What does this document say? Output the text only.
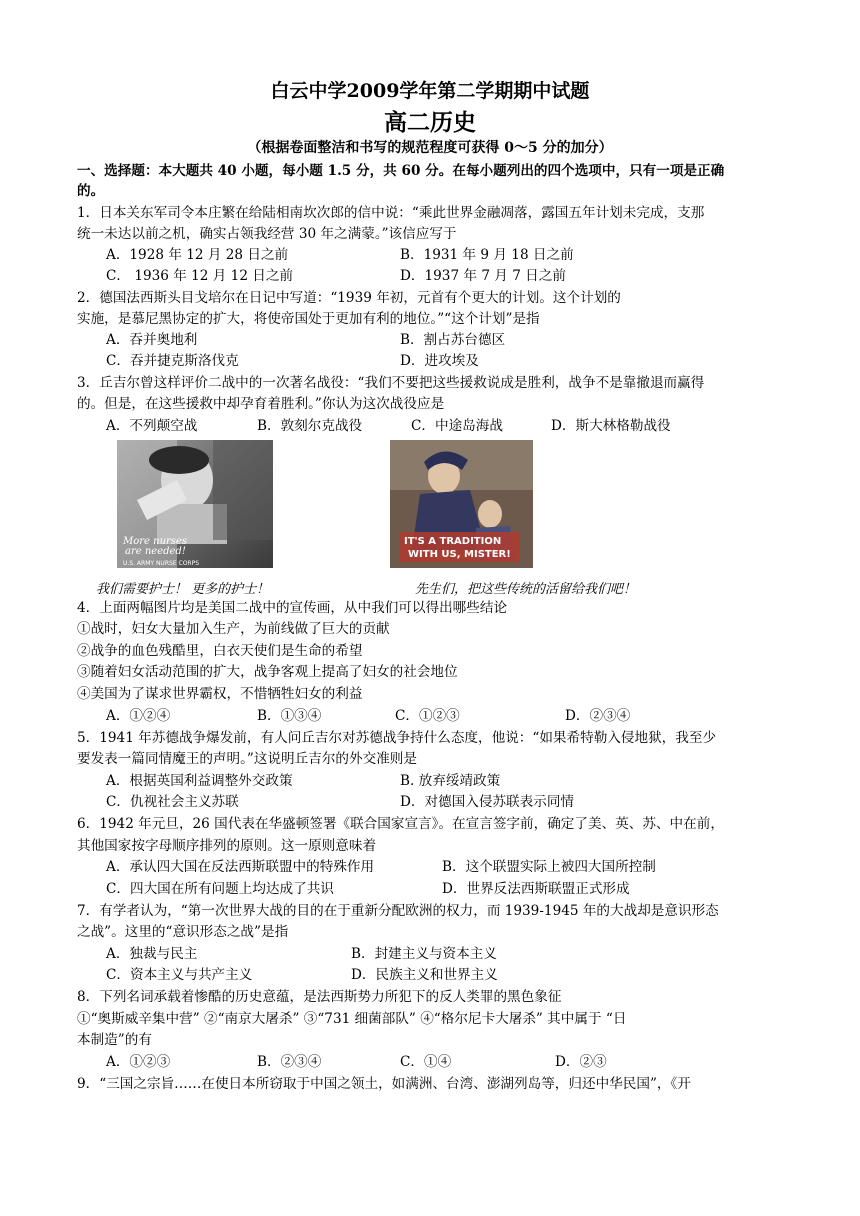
白云中学2009学年第二学期期中试题
高二历史
（根据卷面整洁和书写的规范程度可获得 0～5 分的加分）
一、选择题：本大题共 40 小题，每小题 1.5 分，共 60 分。在每小题列出的四个选项中，只有一项是正确
的。
1．日本关东军司令本庄繁在给陆相南坎次郎的信中说：“乘此世界金融凋落，露国五年计划未完成，支那
统一未达以前之机，确实占领我经营 30 年之满蒙。”该信应写于
A．1928 年 12 月 28 日之前	B．1931 年 9 月 18 日之前
C． 1936 年 12 月 12 日之前	D．1937 年 7 月 7 日之前
2．德国法西斯头目戈培尔在日记中写道：“1939 年初，元首有个更大的计划。这个计划的
实施，是慕尼黑协定的扩大，将使帝国处于更加有利的地位。”“这个计划”是指
A．吞并奥地利	B．割占苏台德区
C．吞并捷克斯洛伐克	D．进攻埃及
3．丘吉尔曾这样评价二战中的一次著名战役：“我们不要把这些援救说成是胜利，战争不是靠撤退而赢得
的。但是，在这些援救中却孕育着胜利。”你认为这次战役应是
A．不列颠空战	B．敦刻尔克战役	C．中途岛海战	D．斯大林格勒战役
More nurses
are needed!
U.S. ARMY NURSE CORPS
IT'S A TRADITION
WITH US, MISTER!
我们需要护士！ 更多的护士！	先生们，把这些传统的活留给我们吧！
4．上面两幅图片均是美国二战中的宣传画，从中我们可以得出哪些结论
①战时，妇女大量加入生产，为前线做了巨大的贡献
②战争的血色残酷里，白衣天使们是生命的希望
③随着妇女活动范围的扩大，战争客观上提高了妇女的社会地位
④美国为了谋求世界霸权，不惜牺牲妇女的利益
A．①②④	B．①③④	C．①②③	D．②③④
5．1941 年苏德战争爆发前，有人问丘吉尔对苏德战争持什么态度，他说：“如果希特勒入侵地狱，我至少
要发表一篇同情魔王的声明。”这说明丘吉尔的外交准则是
A．根据英国利益调整外交政策	B. 放弃绥靖政策
C．仇视社会主义苏联	D．对德国入侵苏联表示同情
6．1942 年元旦，26 国代表在华盛顿签署《联合国家宣言》。在宣言签字前，确定了美、英、苏、中在前，
其他国家按字母顺序排列的原则。这一原则意味着
A．承认四大国在反法西斯联盟中的特殊作用	B．这个联盟实际上被四大国所控制
C．四大国在所有问题上均达成了共识	D．世界反法西斯联盟正式形成
7．有学者认为，“第一次世界大战的目的在于重新分配欧洲的权力，而 1939-1945 年的大战却是意识形态
之战”。这里的“意识形态之战”是指
A．独裁与民主	B．封建主义与资本主义
C．资本主义与共产主义	D．民族主义和世界主义
8．下列名词承载着惨酷的历史意蕴，是法西斯势力所犯下的反人类罪的黑色象征
①“奥斯威辛集中营” ②“南京大屠杀” ③“731 细菌部队” ④“格尔尼卡大屠杀” 其中属于 “日
本制造”的有
A．①②③	B．②③④	C．①④	D．②③
9．“三国之宗旨……在使日本所窃取于中国之领土，如满洲、台湾、澎湖列岛等，归还中华民国”，《开
